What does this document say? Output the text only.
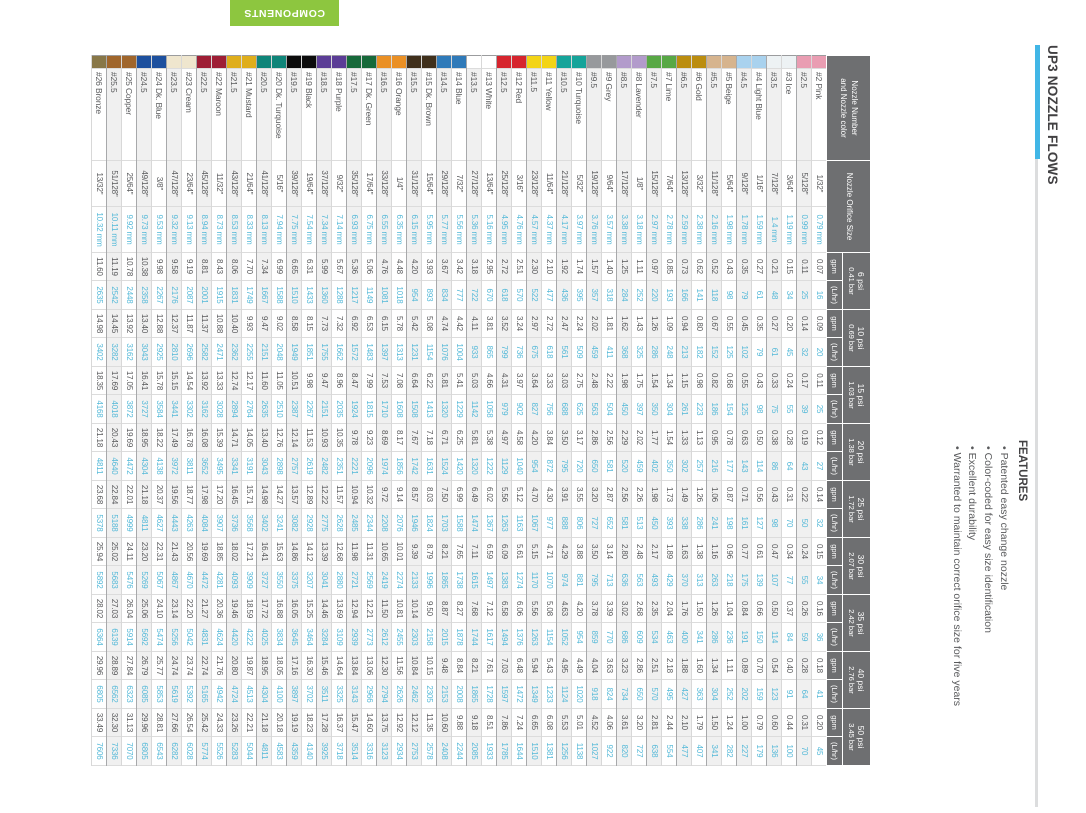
UP3 NOZZLE FLOWS
FEATURES
• Patented easy change nozzle
• Color-coded for easy size identification
• Excellent durability
• Warranted to maintain correct orifice size for five years
COMPONENTS
Nozzle Number
and Nozzle color

Nozzle Orifice Size

6 psi
0.41 bar

10 psi
0.69 bar

15 psi
1.03 bar

20 psi
1.38 bar

25 psi
1.72 bar

30 psi
2.07 bar

35 psi
2.42 bar

40 psi
2.76 bar

50 psi
3.45 bar

				gpm	(L/hr)	gpm	(L/hr)	gpm	(L/hr)	gpm	(L/hr)	gpm	(L/hr)	gpm	(L/hr)	gpm	(L/hr)	gpm	(L/hr)	gpm	(L/hr)
	#2 Pink	1/32"	0.79 mm	0.07	16	0.09	20	0.11	25	0.12	27	0.14	32	0.15	34	0.16	36	0.18	41	0.20	45
	#2.5	5/128"	0.99 mm	0.11	25	0.14	32	0.17	39	0.19	43	0.22	50	0.24	55	0.26	59	0.28	64	0.31	70
	#3 Ice	3/64"	1.19 mm	0.15	34	0.20	45	0.24	55	0.28	64	0.31	70	0.34	77	0.37	84	0.40	91	0.44	100
	#3.5	7/128"	1.4 mm	0.21	48	0.27	61	0.33	75	0.38	86	0.43	98	0.47	107	0.50	114	0.54	123	0.60	136
	#4 Light Blue	1/16"	1.59 mm	0.27	61	0.35	79	0.43	98	0.50	114	0.56	127	0.61	139	0.66	150	0.70	159	0.79	179
	#4.5	9/128"	1.78 mm	0.35	79	0.45	102	0.55	125	0.63	143	0.71	161	0.77	175	0.84	191	0.89	202	1.00	227
	#5 Beige	5/64"	1.98 mm	0.43	98	0.55	125	0.68	154	0.78	177	0.87	198	0.96	218	1.04	236	1.11	252	1.24	282
	#5.5	11/128"	2.16 mm	0.52	118	0.67	152	0.82	186	0.95	216	1.06	241	1.16	263	1.26	286	1.34	304	1.50	341
	#6 Gold	3/32"	2.38 mm	0.62	141	0.80	182	0.98	223	1.13	257	1.26	286	1.38	313	1.50	341	1.60	363	1.79	407
	#6.5	13/128"	2.59 mm	0.73	166	0.94	213	1.15	261	1.33	302	1.49	338	1.63	370	1.76	400	1.88	427	2.10	477
	#7 Lime	7/64"	2.78 mm	0.85	193	1.09	248	1.34	304	1.54	350	1.73	393	1.89	429	2.04	463	2.18	495	2.44	554
	#7.5	15/128"	2.97 mm	0.97	220	1.26	286	1.54	350	1.77	402	1.98	450	2.17	493	2.35	534	2.51	570	2.81	638
	#8 Lavender	1/8"	3.18 mm	1.11	252	1.43	325	1.75	397	2.02	459	2.26	513	2.48	563	2.68	609	2.86	650	3.20	727
	#8.5	17/128"	3.38 mm	1.25	284	1.62	368	1.98	450	2.29	520	2.56	581	2.80	636	3.02	686	3.23	734	3.61	820
	#9 Grey	9/64"	3.57 mm	1.40	318	1.81	411	2.22	504	2.56	581	2.87	652	3.14	713	3.39	770	3.63	824	4.06	922
	#9.5	19/128"	3.76 mm	1.57	357	2.02	459	2.48	563	2.86	650	3.20	727	3.50	795	3.78	859	4.04	918	4.52	1027
	#10 Turquoise	5/32"	3.97 mm	1.74	395	2.24	509	2.75	625	3.17	720	3.55	806	3.88	881	4.20	954	4.49	1020	5.01	1138
	#10.5	21/128"	4.17 mm	1.92	436	2.47	561	3.03	688	3.50	795	3.91	888	4.29	974	4.63	1052	4.95	1124	5.53	1256
	#11 Yellow	11/64"	4.37 mm	2.10	477	2.72	618	3.33	756	3.84	872	4.30	977	4.71	1070	5.08	1154	5.43	1233	6.08	1381
	#11.5	23/128"	4.57 mm	2.30	522	2.97	675	3.64	827	4.20	954	4.70	1067	5.15	1170	5.56	1263	5.94	1349	6.65	1510
	#12 Red	3/16"	4.76 mm	2.51	570	3.24	736	3.97	902	4.58	1040	5.12	1163	5.61	1274	6.06	1376	6.48	1472	7.24	1644
	#12.5	25/128"	4.95 mm	2.72	618	3.52	799	4.31	979	4.97	1129	5.56	1263	6.09	1383	6.58	1494	7.03	1597	7.86	1785
	#13 White	13/64"	5.16 mm	2.95	670	3.81	865	4.66	1058	5.38	1222	6.02	1367	6.59	1497	7.12	1617	7.61	1728	8.51	1933
	#13.5	27/128"	5.36 mm	3.18	722	4.11	933	5.03	1142	5.81	1320	6.49	1474	7.11	1615	7.68	1744	8.21	1865	9.18	2085
	#14 Blue	7/32"	5.56 mm	3.42	777	4.42	1004	5.41	1229	6.25	1420	6.99	1588	7.65	1738	8.27	1878	8.84	2008	9.88	2244
	#14.5	29/128"	5.77 mm	3.67	834	4.74	1076	5.81	1320	6.71	1524	7.50	1703	8.21	1865	8.87	2015	9.48	2153	10.60	2408
	#15 Dk. Brown	15/64"	5.95 mm	3.93	893	5.08	1154	6.22	1413	7.18	1631	8.03	1824	8.79	1996	9.50	2158	10.15	2305	11.35	2578
	#15.5	31/128"	6.15 mm	4.20	954	5.42	1231	6.64	1508	7.67	1742	8.57	1946	9.39	2133	10.14	2303	10.84	2462	12.12	2753
	#16 Orange	1/4"	6.35 mm	4.48	1018	5.78	1313	7.08	1608	8.17	1856	9.14	2076	10.01	2274	10.81	2455	11.56	2626	12.92	2934
	#16.5	33/128"	6.55 mm	4.76	1081	6.15	1397	7.53	1710	8.69	1974	9.72	2208	10.65	2419	11.50	2612	12.30	2794	13.75	3123
	#17 Dk. Green	17/64"	6.75 mm	5.06	1149	6.53	1483	7.99	1815	9.23	2096	10.32	2344	11.31	2569	12.21	2773	13.06	2966	14.60	3316
	#17.5	35/128"	6.93 mm	5.36	1217	6.92	1572	8.47	1924	9.78	2221	10.94	2485	11.98	2721	12.94	2939	13.84	3143	15.47	3514
	#18 Purple	9/32"	7.14 mm	5.67	1288	7.32	1662	8.96	2035	10.35	2351	11.57	2628	12.68	2880	13.69	3109	14.64	3325	16.37	3718
	#18.5	37/128"	7.34 mm	5.99	1360	7.73	1755	9.47	2151	10.93	2482	12.22	2775	13.39	3041	14.46	3284	15.46	3511	17.28	3925
	#19 Black	19/64"	7.54 mm	6.31	1433	8.15	1851	9.98	2267	11.53	2619	12.89	2928	14.12	3207	15.25	3464	16.30	3702	18.23	4140
	#19.5	39/128"	7.75 mm	6.65	1510	8.58	1949	10.51	2387	12.14	2757	13.57	3082	14.86	3375	16.05	3645	17.16	3897	19.19	4359
	#20 Dk. Turquoise	5/16"	7.94 mm	6.99	1588	9.02	2048	11.05	2510	12.76	2898	14.27	3241	15.63	3550	16.88	3834	18.05	4100	20.18	4583
	#20.5	41/128"	8.13 mm	7.34	1667	9.47	2151	11.60	2635	13.40	3043	14.98	3402	16.41	3727	17.72	4025	18.95	4304	21.18	4811
	#21 Mustard	21/64"	8.33 mm	7.70	1749	9.93	2255	12.17	2764	14.05	3191	15.71	3568	17.21	3909	18.59	4222	19.87	4513	22.21	5044
	#21.5	43/128"	8.53 mm	8.06	1831	10.40	2362	12.74	2894	14.71	3341	16.45	3736	18.02	4093	19.46	4420	20.80	4724	23.26	5283
	#22 Maroon	11/32"	8.73 mm	8.43	1915	10.88	2471	13.33	3028	15.39	3495	17.20	3907	18.85	4281	20.36	4624	21.76	4942	24.33	5526
	#22.5	45/128"	8.94 mm	8.81	2001	11.37	2582	13.92	3162	16.08	3652	17.98	4084	19.69	4472	21.27	4831	22.74	5165	25.42	5774
	#23 Cream	23/64"	9.13 mm	9.19	2087	11.87	2696	14.54	3302	16.78	3811	18.77	4263	20.56	4670	22.20	5042	23.74	5392	26.54	6028
	#23.5	47/128"	9.32 mm	9.58	2176	12.37	2810	15.15	3441	17.49	3972	19.56	4443	21.43	4867	23.14	5256	24.74	5619	27.66	6282
	#24 Dk. Blue	3/8"	9.53 mm	9.98	2267	12.88	2925	15.78	3584	18.22	4138	20.37	4627	22.31	5067	24.10	5474	25.77	5853	28.81	6543
	#24.5	49/128"	9.73 mm	10.38	2358	13.40	3043	16.41	3727	18.95	4304	21.18	4811	23.20	5269	25.06	5692	26.79	6085	29.96	6805
	#25 Copper	25/64"	9.92 mm	10.78	2448	13.92	3162	17.05	3872	19.69	4472	22.01	4999	24.11	5476	26.04	5914	27.84	6323	31.13	7070
	#25.5	51/128"	10.11 mm	11.19	2542	14.45	3282	17.69	4018	20.43	4640	22.84	5188	25.02	5683	27.03	6139	28.89	6562	32.30	7336
	#26 Bronze	13/32"	10.32 mm	11.60	2635	14.98	3402	18.35	4168	21.18	4811	23.68	5378	25.94	5892	28.02	6364	29.96	6805	33.49	7606
